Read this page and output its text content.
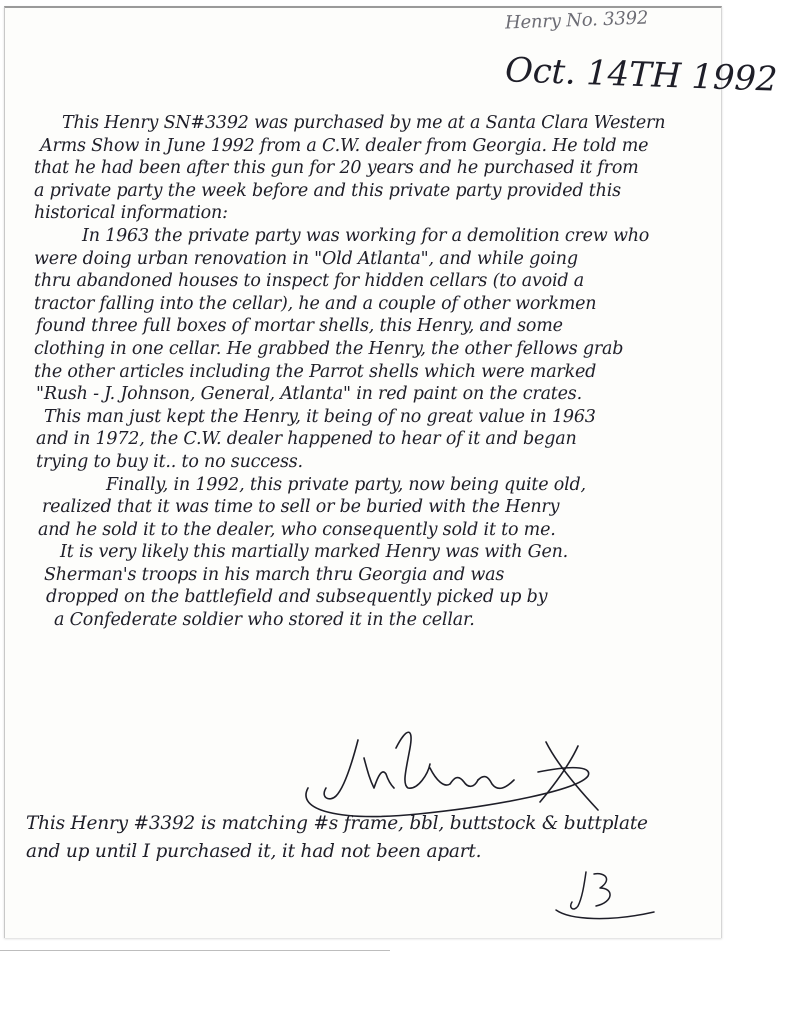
Henry No. 3392
Oct. 14TH 1992
This Henry SN#3392 was purchased by me at a Santa Clara Western
Arms Show in June 1992 from a C.W. dealer from Georgia. He told me
that he had been after this gun for 20 years and he purchased it from
a private party the week before and this private party provided this
historical information:
In 1963 the private party was working for a demolition crew who
were doing urban renovation in "Old Atlanta", and while going
thru abandoned houses to inspect for hidden cellars (to avoid a
tractor falling into the cellar), he and a couple of other workmen
found three full boxes of mortar shells, this Henry, and some
clothing in one cellar. He grabbed the Henry, the other fellows grab
the other articles including the Parrot shells which were marked
"Rush - J. Johnson, General, Atlanta" in red paint on the crates.
This man just kept the Henry, it being of no great value in 1963
and in 1972, the C.W. dealer happened to hear of it and began
trying to buy it.. to no success.
Finally, in 1992, this private party, now being quite old,
realized that it was time to sell or be buried with the Henry
and he sold it to the dealer, who consequently sold it to me.
It is very likely this martially marked Henry was with Gen.
Sherman's troops in his march thru Georgia and was
dropped on the battlefield and subsequently picked up by
a Confederate soldier who stored it in the cellar.
This Henry #3392 is matching #s frame, bbl, buttstock & buttplate
and up until I purchased it, it had not been apart.
